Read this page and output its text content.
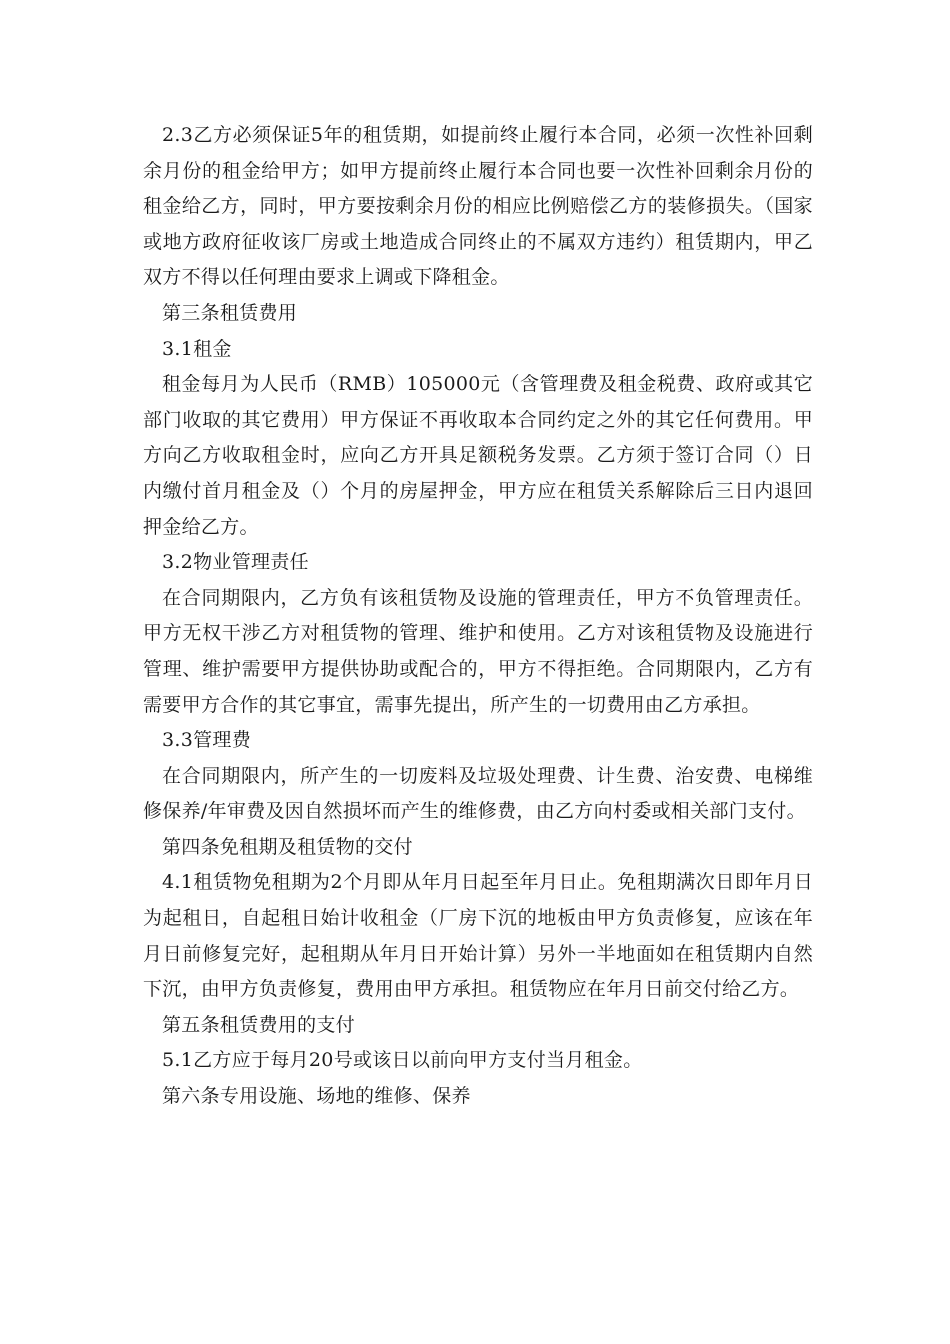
2.3乙方必须保证5年的租赁期，如提前终止履行本合同，必须一次性补回剩余月份的租金给甲方；如甲方提前终止履行本合同也要一次性补回剩余月份的租金给乙方，同时，甲方要按剩余月份的相应比例赔偿乙方的装修损失。（国家或地方政府征收该厂房或土地造成合同终止的不属双方违约）租赁期内，甲乙双方不得以任何理由要求上调或下降租金。

第三条租赁费用

3.1租金

租金每月为人民币（RMB）105000元（含管理费及租金税费、政府或其它部门收取的其它费用）甲方保证不再收取本合同约定之外的其它任何费用。甲方向乙方收取租金时，应向乙方开具足额税务发票。乙方须于签订合同（）日内缴付首月租金及（）个月的房屋押金，甲方应在租赁关系解除后三日内退回押金给乙方。

3.2物业管理责任

在合同期限内，乙方负有该租赁物及设施的管理责任，甲方不负管理责任。甲方无权干涉乙方对租赁物的管理、维护和使用。乙方对该租赁物及设施进行管理、维护需要甲方提供协助或配合的，甲方不得拒绝。合同期限内，乙方有需要甲方合作的其它事宜，需事先提出，所产生的一切费用由乙方承担。

3.3管理费

在合同期限内，所产生的一切废料及垃圾处理费、计生费、治安费、电梯维修保养/年审费及因自然损坏而产生的维修费，由乙方向村委或相关部门支付。

第四条免租期及租赁物的交付

4.1租赁物免租期为2个月即从年月日起至年月日止。免租期满次日即年月日为起租日，自起租日始计收租金（厂房下沉的地板由甲方负责修复，应该在年月日前修复完好，起租期从年月日开始计算）另外一半地面如在租赁期内自然下沉，由甲方负责修复，费用由甲方承担。租赁物应在年月日前交付给乙方。

第五条租赁费用的支付

5.1乙方应于每月20号或该日以前向甲方支付当月租金。

第六条专用设施、场地的维修、保养
